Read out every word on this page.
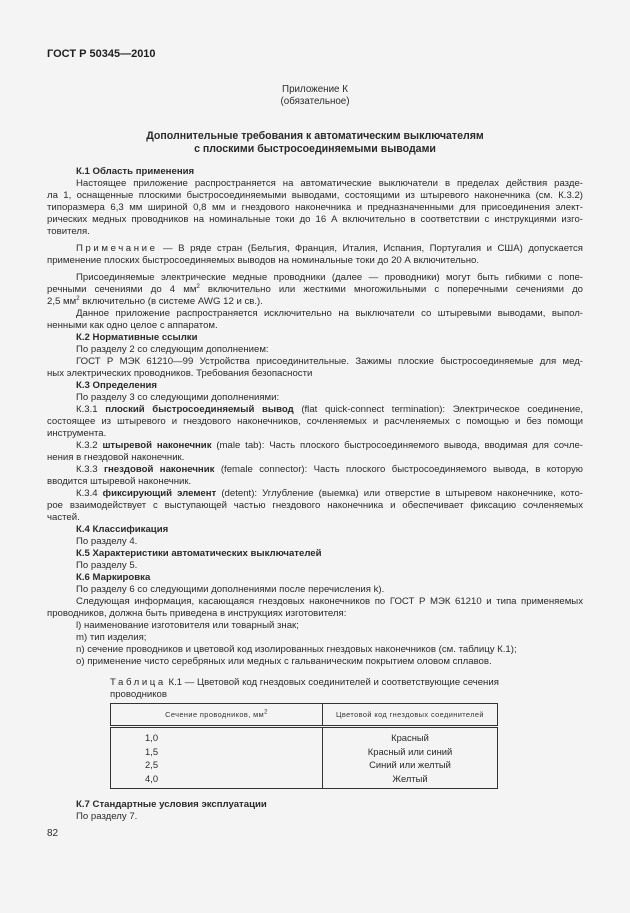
ГОСТ Р 50345—2010
Приложение К
(обязательное)
Дополнительные требования к автоматическим выключателям
с плоскими быстросоединяемыми выводами
К.1 Область применения
Настоящее приложение распространяется на автоматические выключатели в пределах действия разде-
ла 1, оснащенные плоскими быстросоединяемыми выводами, состоящими из штыревого наконечника (см. К.3.2)
типоразмера 6,3 мм шириной 0,8 мм и гнездового наконечника и предназначенными для присоединения элект-
рических медных проводников на номинальные токи до 16 А включительно в соответствии с инструкциями изго-
товителя.
Примечание — В ряде стран (Бельгия, Франция, Италия, Испания, Португалия и США) допускается
применение плоских быстросоединяемых выводов на номинальные токи до 20 А включительно.
Присоединяемые электрические медные проводники (далее — проводники) могут быть гибкими с попе-
речными сечениями до 4 $мм^2$ включительно или жесткими многожильными с поперечными сечениями до
2,5 $мм^2$ включительно (в системе AWG 12 и св.).
Данное приложение распространяется исключительно на выключатели со штыревыми выводами, выпол-
ненными как одно целое с аппаратом.
К.2 Нормативные ссылки
По разделу 2 со следующим дополнением:
ГОСТ Р МЭК 61210—99 Устройства присоединительные. Зажимы плоские быстросоединяемые для мед-
ных электрических проводников. Требования безопасности
К.3 Определения
По разделу 3 со следующими дополнениями:
К.3.1 плоский быстросоединяемый вывод (flat quick-connect termination): Электрическое соединение,
состоящее из штыревого и гнездового наконечников, сочленяемых и расчленяемых с помощью и без помощи
инструмента.
К.3.2 штыревой наконечник (male tab): Часть плоского быстросоединяемого вывода, вводимая для сочле-
нения в гнездовой наконечник.
К.3.3 гнездовой наконечник (female connector): Часть плоского быстросоединяемого вывода, в которую
вводится штыревой наконечник.
К.3.4 фиксирующий элемент (detent): Углубление (выемка) или отверстие в штыревом наконечнике, кото-
рое взаимодействует с выступающей частью гнездового наконечника и обеспечивает фиксацию сочленяемых
частей.
К.4 Классификация
По разделу 4.
К.5 Характеристики автоматических выключателей
По разделу 5.
К.6 Маркировка
По разделу 6 со следующими дополнениями после перечисления k).
Следующая информация, касающаяся гнездовых наконечников по ГОСТ Р МЭК 61210 и типа применяемых
проводников, должна быть приведена в инструкциях изготовителя:
l) наименование изготовителя или товарный знак;
m) тип изделия;
n) сечение проводников и цветовой код изолированных гнездовых наконечников (см. таблицу К.1);
o) применение чисто серебряных или медных с гальваническим покрытием оловом сплавов.
Таблица К.1 — Цветовой код гнездовых соединителей и соответствующие сечения
проводников
Сечение проводников, $мм^2$	Цветовой код гнездовых соединителей
1,0	Красный
1,5	Красный или синий
2,5	Синий или желтый
4,0	Желтый
К.7 Стандартные условия эксплуатации
По разделу 7.
82
